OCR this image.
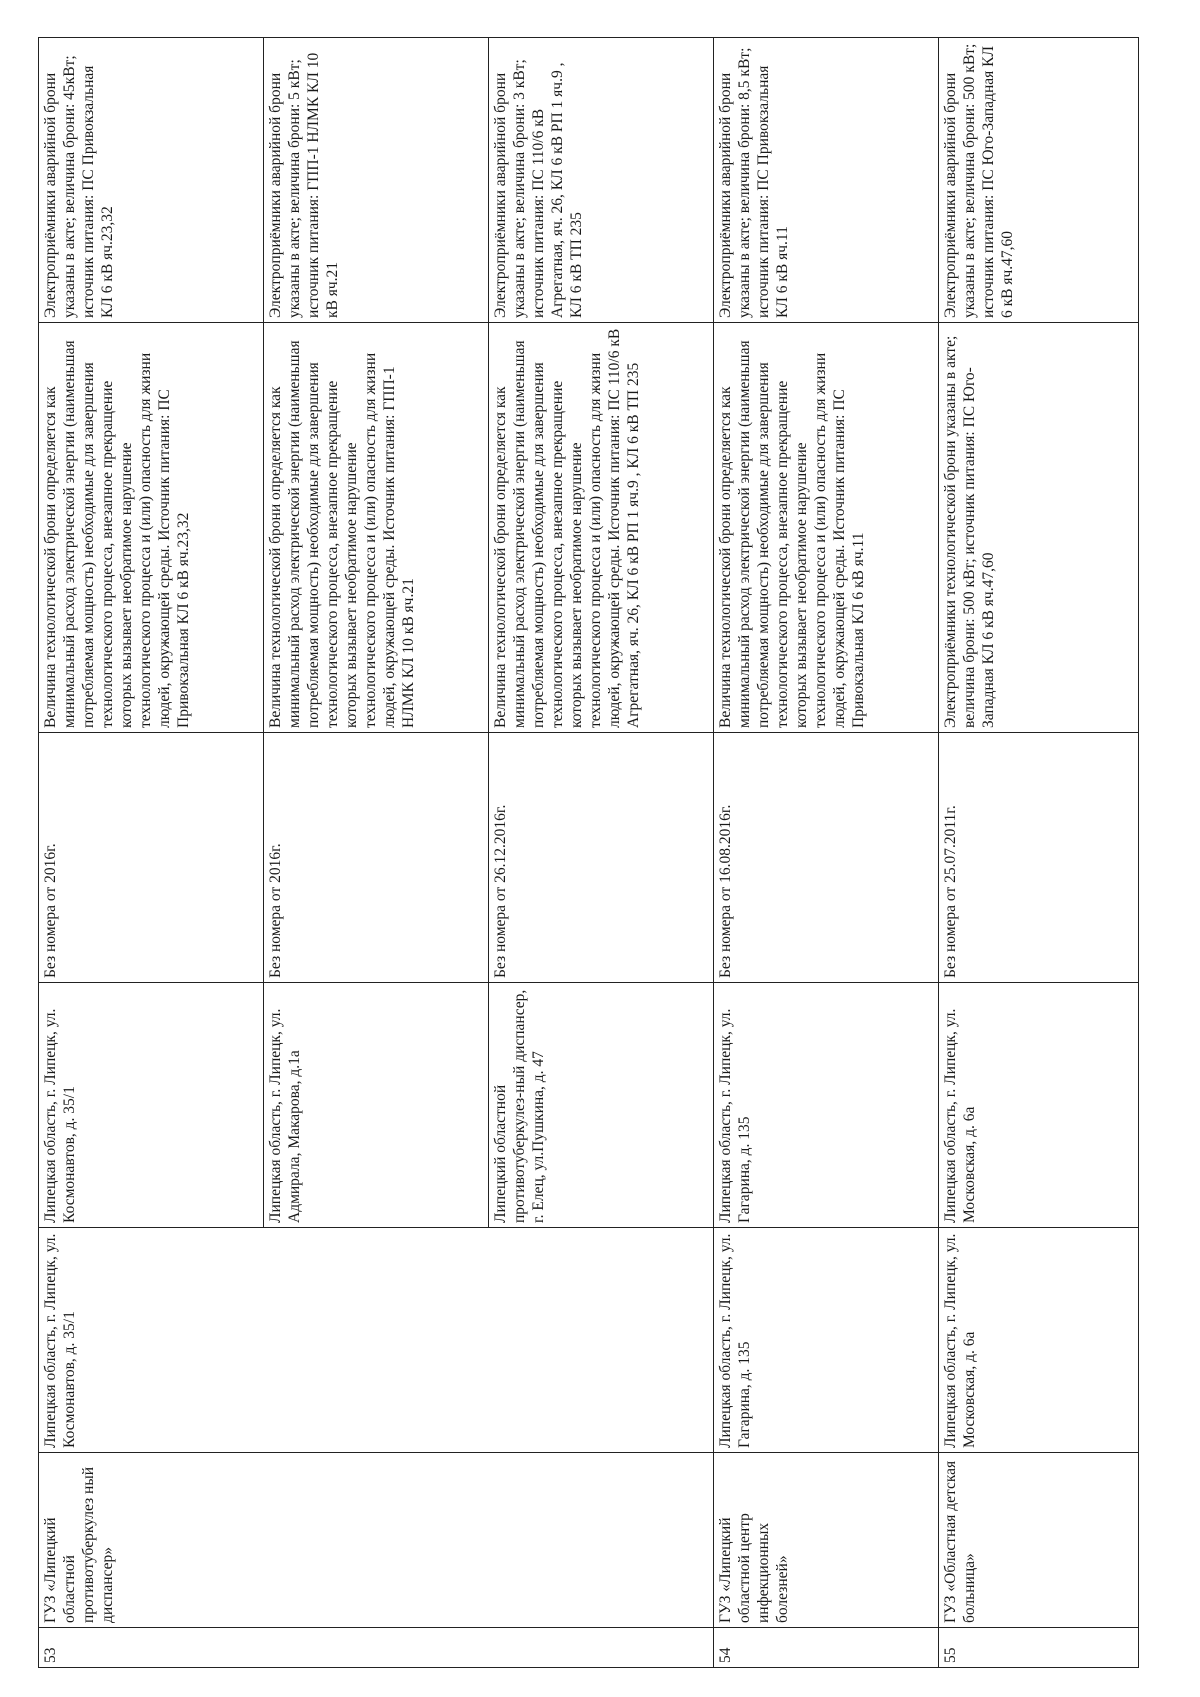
53	ГУЗ «Липецкий областной противотуберкулез ный диспансер»	Липецкая область, г. Липецк, ул. Космонавтов, д. 35/1	Липецкая область, г. Липецк, ул. Космонавтов, д. 35/1	Без номера от 2016г.	Величина технологической брони определяется как минимальный расход электрической энергии (наименьшая потребляемая мощность) необходимые для завершения технологического процесса, внезапное прекращение которых вызывает необратимое нарушение технологического процесса и (или) опасность для жизни людей, окружающей среды. Источник питания: ПС Привокзальная КЛ 6 кВ яч.23,32	Электроприёмники аварийной брони указаны в акте; величина брони: 45кВт; источник питания: ПС Привокзальная КЛ 6 кВ яч.23,32
			Липецкая область, г. Липецк, ул. Адмирала, Макарова, д.1а	Без номера от 2016г.	Величина технологической брони определяется как минимальный расход электрической энергии (наименьшая потребляемая мощность) необходимые для завершения технологического процесса, внезапное прекращение которых вызывает необратимое нарушение технологического процесса и (или) опасность для жизни людей, окружающей среды. Источник питания: ГПП-1 НЛМК КЛ 10 кВ яч.21	Электроприёмники аварийной брони указаны в акте; величина брони: 5 кВт; источник питания: ГПП-1 НЛМК КЛ 10 кВ яч.21
			Липецкий областной противотуберкулез-ный диспансер, г. Елец, ул.Пушкина, д. 47	Без номера от 26.12.2016г.	Величина технологической брони определяется как минимальный расход электрической энергии (наименьшая потребляемая мощность) необходимые для завершения технологического процесса, внезапное прекращение которых вызывает необратимое нарушение технологического процесса и (или) опасность для жизни людей, окружающей среды. Источник питания: ПС 110/6 кВ Агрегатная, яч. 26, КЛ 6 кВ РП 1 яч.9 , КЛ 6 кВ ТП 235	Электроприёмники аварийной брони указаны в акте; величина брони: 3 кВт; источник питания: ПС 110/6 кВ Агрегатная, яч. 26, КЛ 6 кВ РП 1 яч.9 , КЛ 6 кВ ТП 235
54	ГУЗ «Липецкий областной центр инфекционных болезней»	Липецкая область, г. Липецк, ул. Гагарина, д. 135	Липецкая область, г. Липецк, ул. Гагарина, д. 135	Без номера от 16.08.2016г.	Величина технологической брони определяется как минимальный расход электрической энергии (наименьшая потребляемая мощность) необходимые для завершения технологического процесса, внезапное прекращение которых вызывает необратимое нарушение технологического процесса и (или) опасность для жизни людей, окружающей среды. Источник питания: ПС Привокзальная КЛ 6 кВ яч.11	Электроприёмники аварийной брони указаны в акте; величина брони: 8,5 кВт; источник питания: ПС Привокзальная КЛ 6 кВ яч.11
55	ГУЗ «Областная детская больница»	Липецкая область, г. Липецк, ул. Московская, д. 6а	Липецкая область, г. Липецк, ул. Московская, д. 6а	Без номера от 25.07.2011г.	Электроприёмники технологической брони указаны в акте; величина брони: 500 кВт; источник питания: ПС Юго-Западная КЛ 6 кВ яч.47,60	Электроприёмники аварийной брони указаны в акте; величина брони: 500 кВт; источник питания: ПС Юго-Западная КЛ 6 кВ яч.47,60
